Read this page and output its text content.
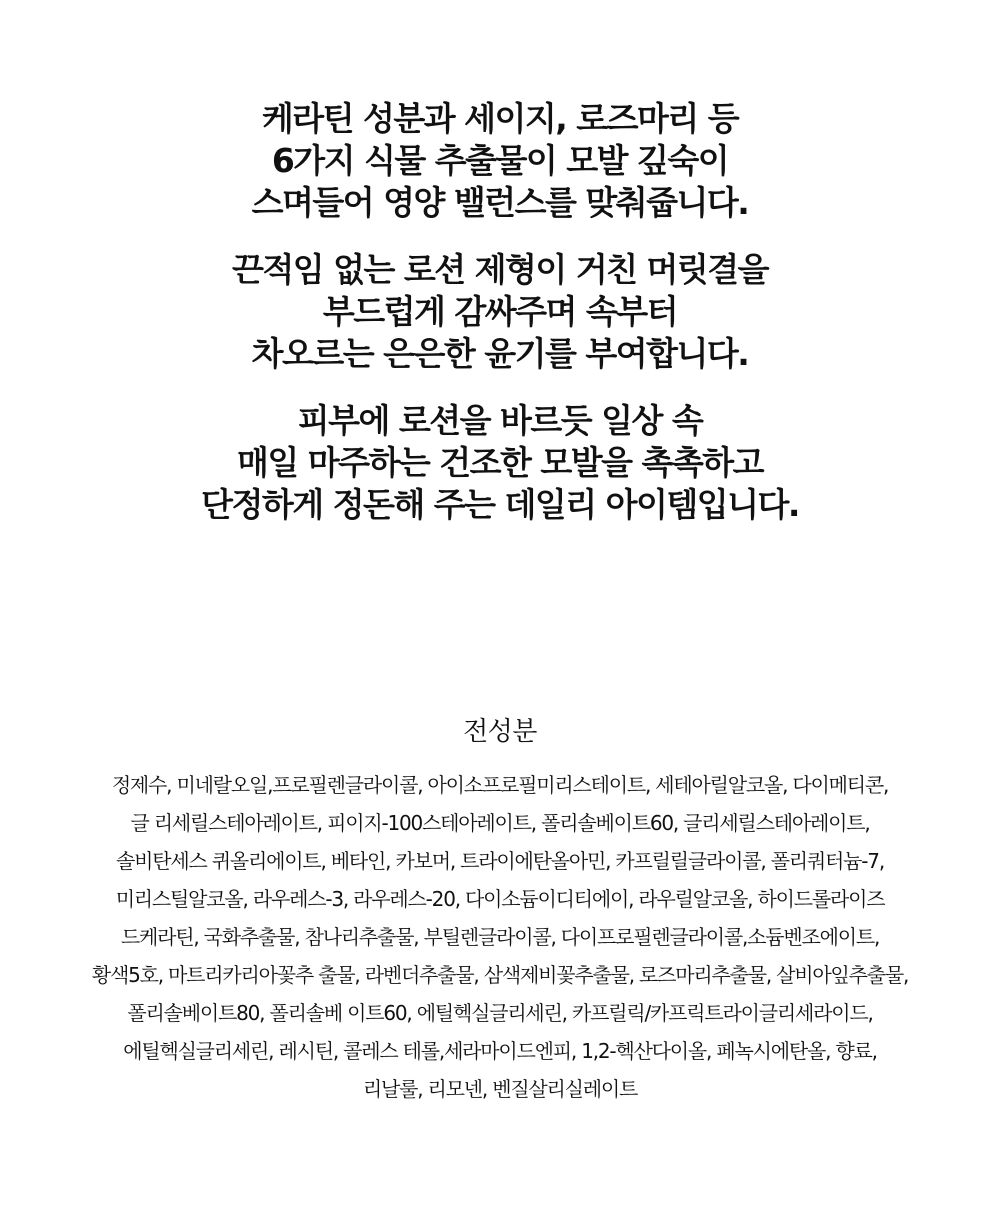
케라틴 성분과 세이지, 로즈마리 등
6가지 식물 추출물이 모발 깊숙이
스며들어 영양 밸런스를 맞춰줍니다.

끈적임 없는 로션 제형이 거친 머릿결을
부드럽게 감싸주며 속부터
차오르는 은은한 윤기를 부여합니다.

피부에 로션을 바르듯 일상 속
매일 마주하는 건조한 모발을 촉촉하고
단정하게 정돈해 주는 데일리 아이템입니다.

전성분
정제수, 미네랄오일,프로필렌글라이콜, 아이소프로필미리스테이트, 세테아릴알코올, 다이메티콘,
글 리세릴스테아레이트, 피이지-100스테아레이트, 폴리솔베이트60, 글리세릴스테아레이트,
솔비탄세스 퀴올리에이트, 베타인, 카보머, 트라이에탄올아민, 카프릴릴글라이콜, 폴리쿼터늄-7,
미리스틸알코올, 라우레스-3, 라우레스-20, 다이소듐이디티에이, 라우릴알코올, 하이드롤라이즈
드케라틴, 국화추출물, 참나리추출물, 부틸렌글라이콜, 다이프로필렌글라이콜,소듐벤조에이트,
황색5호, 마트리카리아꽃추 출물, 라벤더추출물, 삼색제비꽃추출물, 로즈마리추출물, 살비아잎추출물,
폴리솔베이트80, 폴리솔베 이트60, 에틸헥실글리세린, 카프릴릭/카프릭트라이글리세라이드,
에틸헥실글리세린, 레시틴, 콜레스 테롤,세라마이드엔피, 1,2-헥산다이올, 페녹시에탄올, 향료,
리날룰, 리모넨, 벤질살리실레이트
